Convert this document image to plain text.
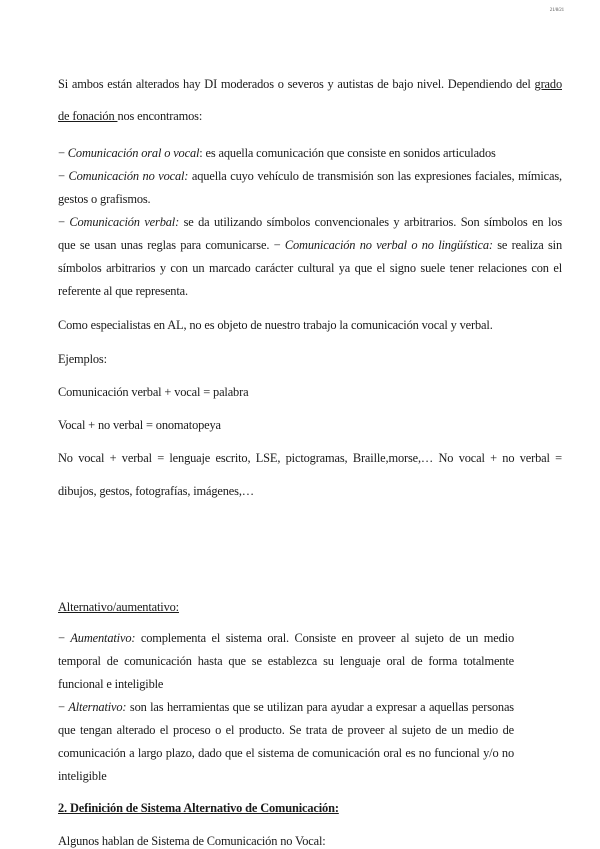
21/8/21
Si ambos están alterados hay DI moderados o severos y autistas de bajo nivel. Dependiendo del grado
de fonación nos encontramos:
− Comunicación oral o vocal: es aquella comunicación que consiste en sonidos articulados
− Comunicación no vocal: aquella cuyo vehículo de transmisión son las expresiones faciales, mímicas,
gestos o grafismos.
− Comunicación verbal: se da utilizando símbolos convencionales y arbitrarios. Son símbolos en los
que se usan unas reglas para comunicarse. − Comunicación no verbal o no lingüística: se realiza sin
símbolos arbitrarios y con un marcado carácter cultural ya que el signo suele tener relaciones con el
referente al que representa.
Como especialistas en AL, no es objeto de nuestro trabajo la comunicación vocal y verbal.
Ejemplos:
Comunicación verbal + vocal = palabra
Vocal + no verbal = onomatopeya
No vocal + verbal = lenguaje escrito, LSE, pictogramas, Braille,morse,… No vocal + no verbal =
dibujos, gestos, fotografías, imágenes,…
Alternativo/aumentativo:
− Aumentativo: complementa el sistema oral. Consiste en proveer al sujeto de un medio
temporal de comunicación hasta que se establezca su lenguaje oral de forma totalmente
funcional e inteligible
− Alternativo: son las herramientas que se utilizan para ayudar a expresar a aquellas personas
que tengan alterado el proceso o el producto. Se trata de proveer al sujeto de un medio de
comunicación a largo plazo, dado que el sistema de comunicación oral es no funcional y/o no
inteligible
2. Definición de Sistema Alternativo de Comunicación:
Algunos hablan de Sistema de Comunicación no Vocal:
